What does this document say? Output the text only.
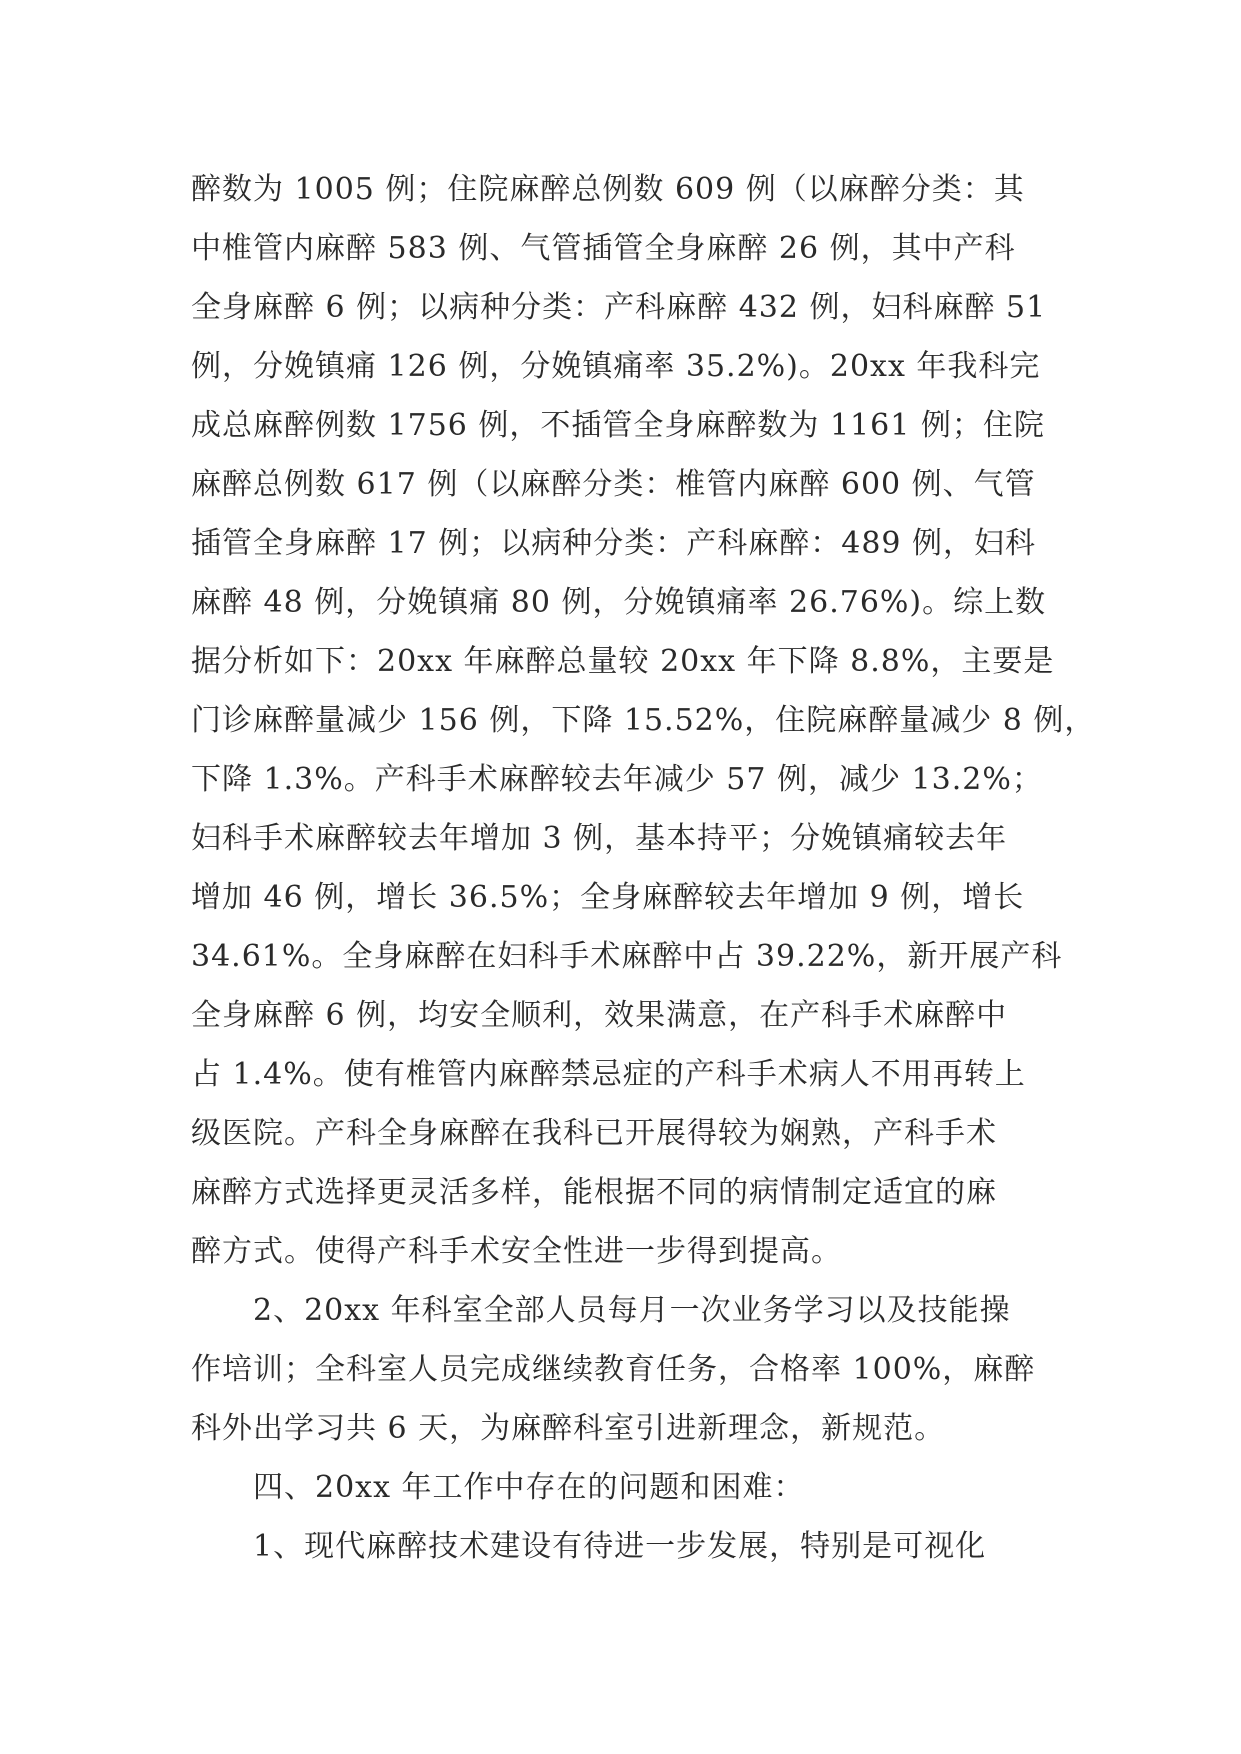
醉数为 1005 例；住院麻醉总例数 609 例（以麻醉分类：其
中椎管内麻醉 583 例、气管插管全身麻醉 26 例，其中产科
全身麻醉 6 例；以病种分类：产科麻醉 432 例，妇科麻醉 51
例，分娩镇痛 126 例，分娩镇痛率 35.2%)。20xx 年我科完
成总麻醉例数 1756 例，不插管全身麻醉数为 1161 例；住院
麻醉总例数 617 例（以麻醉分类：椎管内麻醉 600 例、气管
插管全身麻醉 17 例；以病种分类：产科麻醉：489 例，妇科
麻醉 48 例，分娩镇痛 80 例，分娩镇痛率 26.76%)。综上数
据分析如下：20xx 年麻醉总量较 20xx 年下降 8.8%，主要是
门诊麻醉量减少 156 例，下降 15.52%，住院麻醉量减少 8 例，
下降 1.3%。产科手术麻醉较去年减少 57 例，减少 13.2%；
妇科手术麻醉较去年增加 3 例，基本持平；分娩镇痛较去年
增加 46 例，增长 36.5%；全身麻醉较去年增加 9 例，增长
34.61%。全身麻醉在妇科手术麻醉中占 39.22%，新开展产科
全身麻醉 6 例，均安全顺利，效果满意，在产科手术麻醉中
占 1.4%。使有椎管内麻醉禁忌症的产科手术病人不用再转上
级医院。产科全身麻醉在我科已开展得较为娴熟，产科手术
麻醉方式选择更灵活多样，能根据不同的病情制定适宜的麻
醉方式。使得产科手术安全性进一步得到提高。
2、20xx 年科室全部人员每月一次业务学习以及技能操
作培训；全科室人员完成继续教育任务，合格率 100%，麻醉
科外出学习共 6 天，为麻醉科室引进新理念，新规范。
四、20xx 年工作中存在的问题和困难：
1、现代麻醉技术建设有待进一步发展，特别是可视化
